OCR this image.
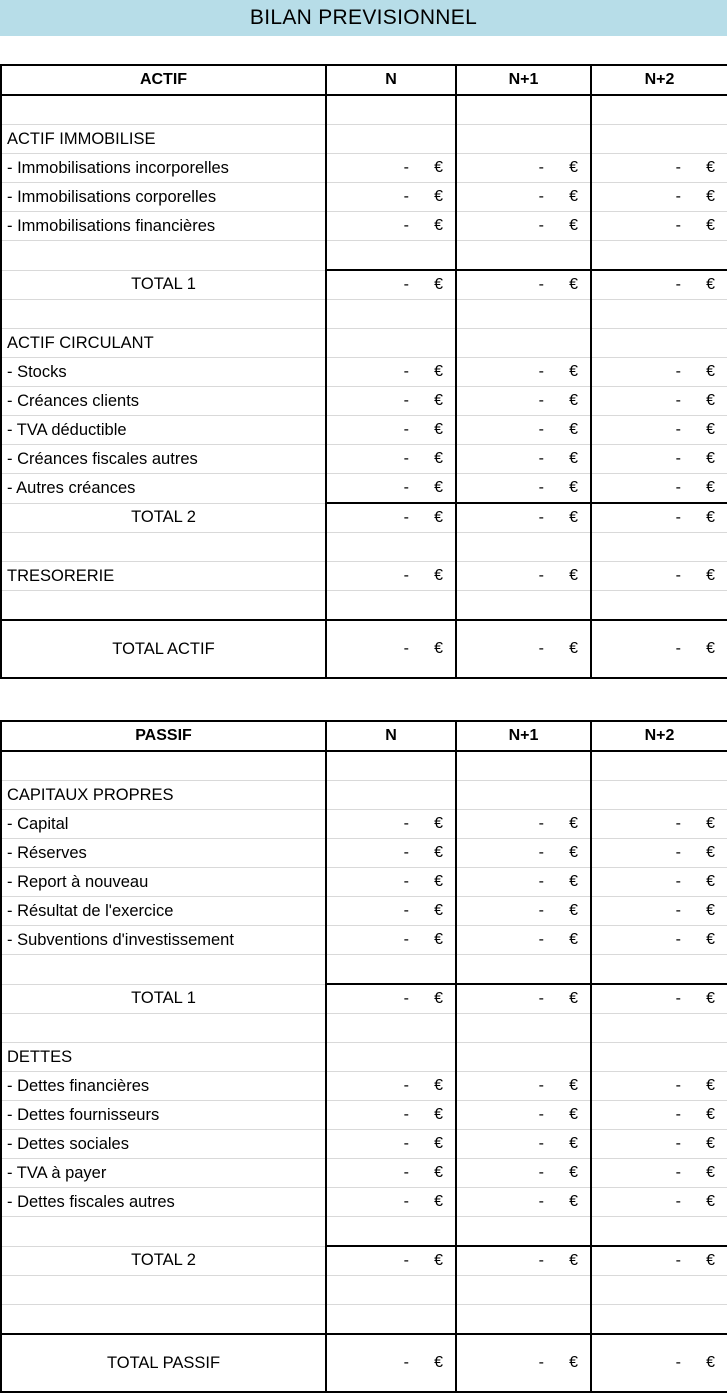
BILAN PREVISIONNEL
ACTIF	N	N+1	N+2

ACTIF IMMOBILISE			
- Immobilisations incorporelles	- €	- €	- €

- Immobilisations corporelles	- €	- €	- €

- Immobilisations financières	- €	- €	- €

TOTAL 1	- €	- €	- €

ACTIF CIRCULANT			
- Stocks	- €	- €	- €

- Créances clients	- €	- €	- €

- TVA déductible	- €	- €	- €

- Créances fiscales autres	- €	- €	- €

- Autres créances	- €	- €	- €

TOTAL 2	- €	- €	- €

TRESORERIE	- €	- €	- €

TOTAL ACTIF	- €	- €	- €
PASSIF	N	N+1	N+2

CAPITAUX PROPRES			
- Capital	- €	- €	- €

- Réserves	- €	- €	- €

- Report à nouveau	- €	- €	- €

- Résultat de l'exercice	- €	- €	- €

- Subventions d'investissement	- €	- €	- €

TOTAL 1	- €	- €	- €

DETTES			
- Dettes financières	- €	- €	- €

- Dettes fournisseurs	- €	- €	- €

- Dettes sociales	- €	- €	- €

- TVA à payer	- €	- €	- €

- Dettes fiscales autres	- €	- €	- €

TOTAL 2	- €	- €	- €

TOTAL PASSIF	- €	- €	- €
